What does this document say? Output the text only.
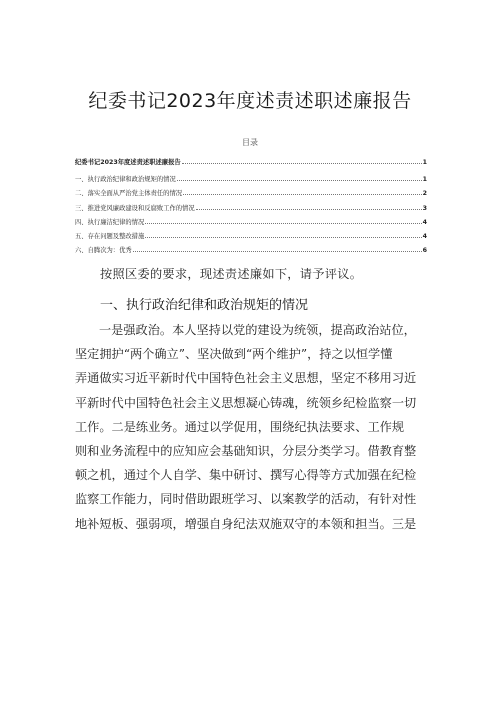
纪委书记2023年度述责述职述廉报告
目录
纪委书记2023年度述责述职述廉报告	1
一、执行政治纪律和政治规矩的情况	1
二、落实全面从严治党主体责任的情况	2
三、推进党风廉政建设和反腐败工作的情况	3
四、执行廉洁纪律的情况	4
五、存在问题及整改措施	4
六、自腾次为：优秀	6
按照区委的要求，现述责述廉如下，请予评议。
一、执行政治纪律和政治规矩的情况
一是强政治。本人坚持以党的建设为统领，提高政治站位，
坚定拥护“两个确立”、坚决做到“两个维护”，持之以恒学懂
弄通做实习近平新时代中国特色社会主义思想，坚定不移用习近
平新时代中国特色社会主义思想凝心铸魂，统领乡纪检监察一切
工作。二是练业务。通过以学促用，围绕纪执法要求、工作规
则和业务流程中的应知应会基础知识，分层分类学习。借教育整
顿之机，通过个人自学、集中研讨、撰写心得等方式加强在纪检
监察工作能力，同时借助跟班学习、以案教学的活动，有针对性
地补短板、强弱项，增强自身纪法双施双守的本领和担当。三是
